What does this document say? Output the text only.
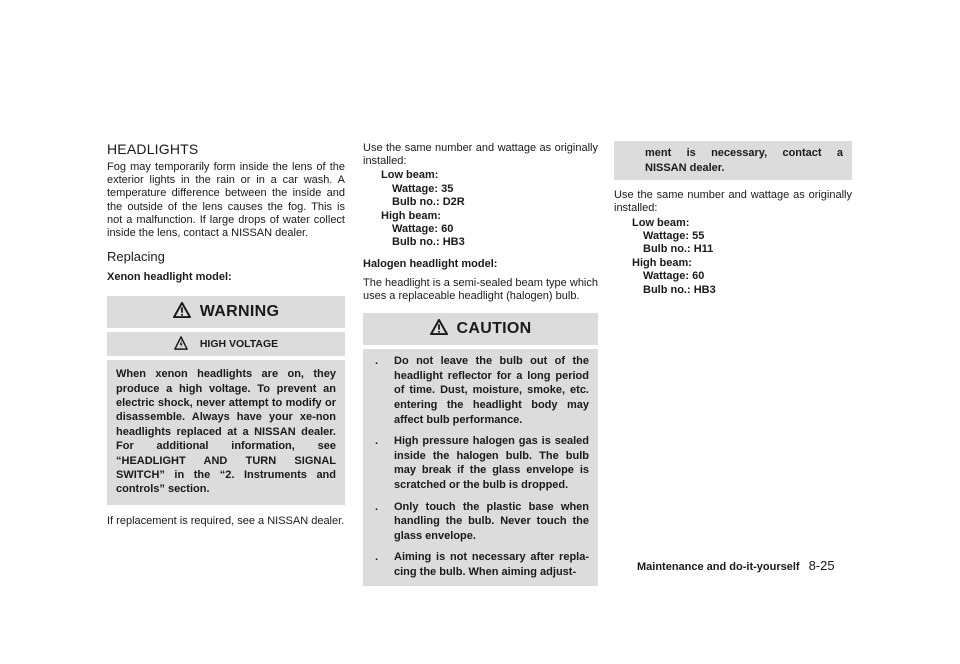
HEADLIGHTS

Fog may temporarily form inside the lens of the exterior lights in the rain or in a car wash. A temperature difference between the inside and the outside of the lens causes the fog. This is not a malfunction. If large drops of water collect inside the lens, contact a NISSAN dealer.

Replacing
Xenon headlight model:
WARNING
HIGH VOLTAGE
When xenon headlights are on, they produce a high voltage. To prevent an electric shock, never attempt to modify or disassemble. Always have your xe-non headlights replaced at a NISSAN dealer. For additional information, see “HEADLIGHT AND TURN SIGNAL SWITCH” in the “2. Instruments and controls” section.

If replacement is required, see a NISSAN dealer.

Use the same number and wattage as originally installed:

Low beam:
Wattage: 35
Bulb no.: D2R
High beam:
Wattage: 60
Bulb no.: HB3
Halogen headlight model:

The headlight is a semi-sealed beam type which uses a replaceable headlight (halogen) bulb.

CAUTION
.	Do not leave the bulb out of the headlight reflector for a long period of time. Dust, moisture, smoke, etc. entering the headlight body may affect bulb performance.
.	High pressure halogen gas is sealed inside the halogen bulb. The bulb may break if the glass envelope is scratched or the bulb is dropped.
.	Only touch the plastic base when handling the bulb. Never touch the glass envelope.
.	Aiming is not necessary after repla-cing the bulb. When aiming adjust-
ment is necessary, contact a
NISSAN dealer.

Use the same number and wattage as originally installed:

Low beam:
Wattage: 55
Bulb no.: H11
High beam:
Wattage: 60
Bulb no.: HB3
Maintenance and do-it-yourself 8-25
